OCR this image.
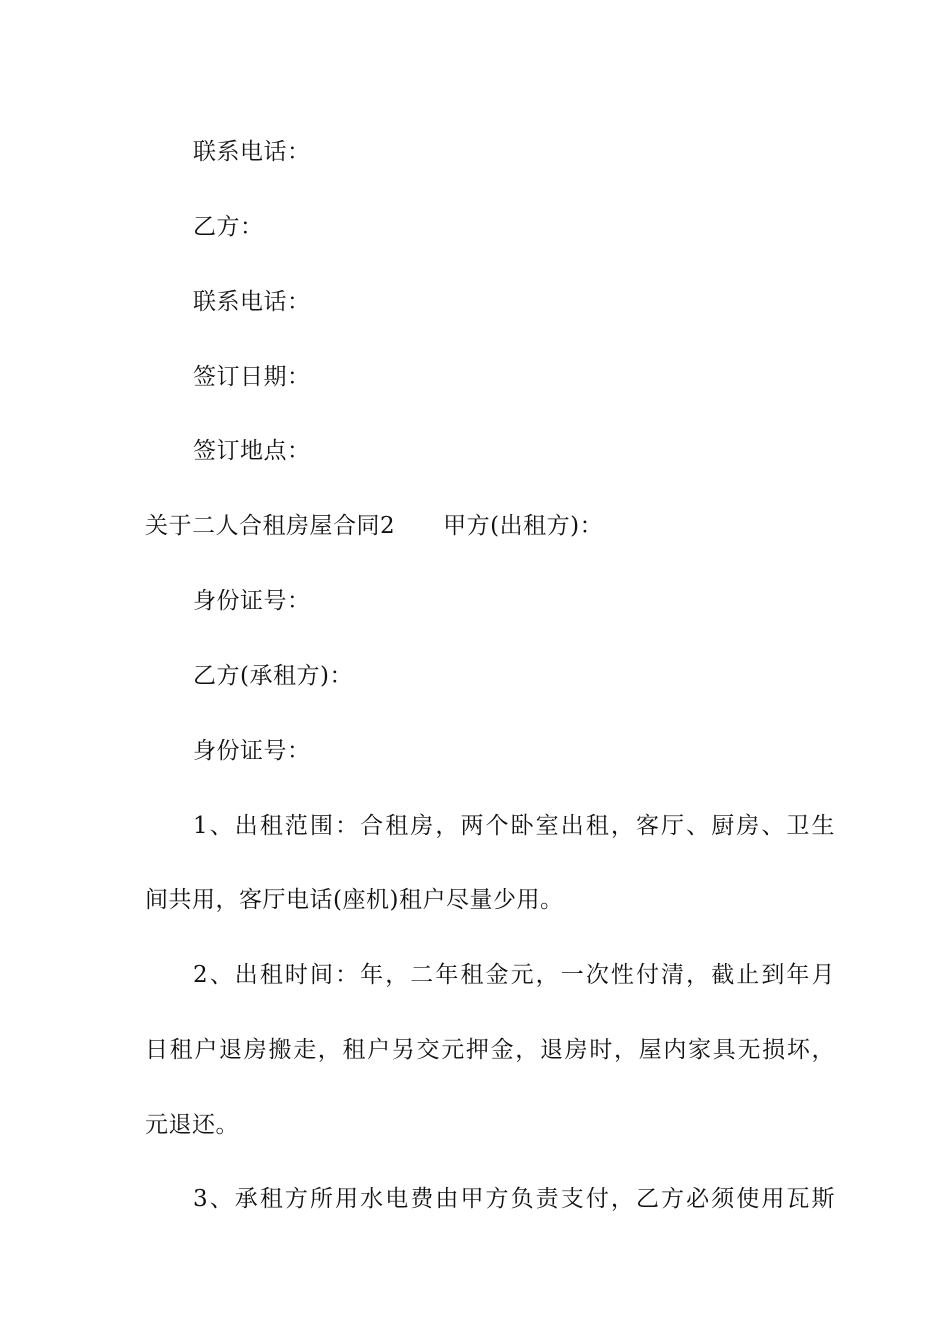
联系电话：
乙方：
联系电话：
签订日期：
签订地点：
关于二人合租房屋合同2 甲方(出租方)：
身份证号：
乙方(承租方)：
身份证号：
1、出租范围：合租房，两个卧室出租，客厅、厨房、卫生
间共用，客厅电话(座机)租户尽量少用。
2、出租时间：年，二年租金元，一次性付清，截止到年月
日租户退房搬走，租户另交元押金，退房时，屋内家具无损坏，
元退还。
3、承租方所用水电费由甲方负责支付，乙方必须使用瓦斯
